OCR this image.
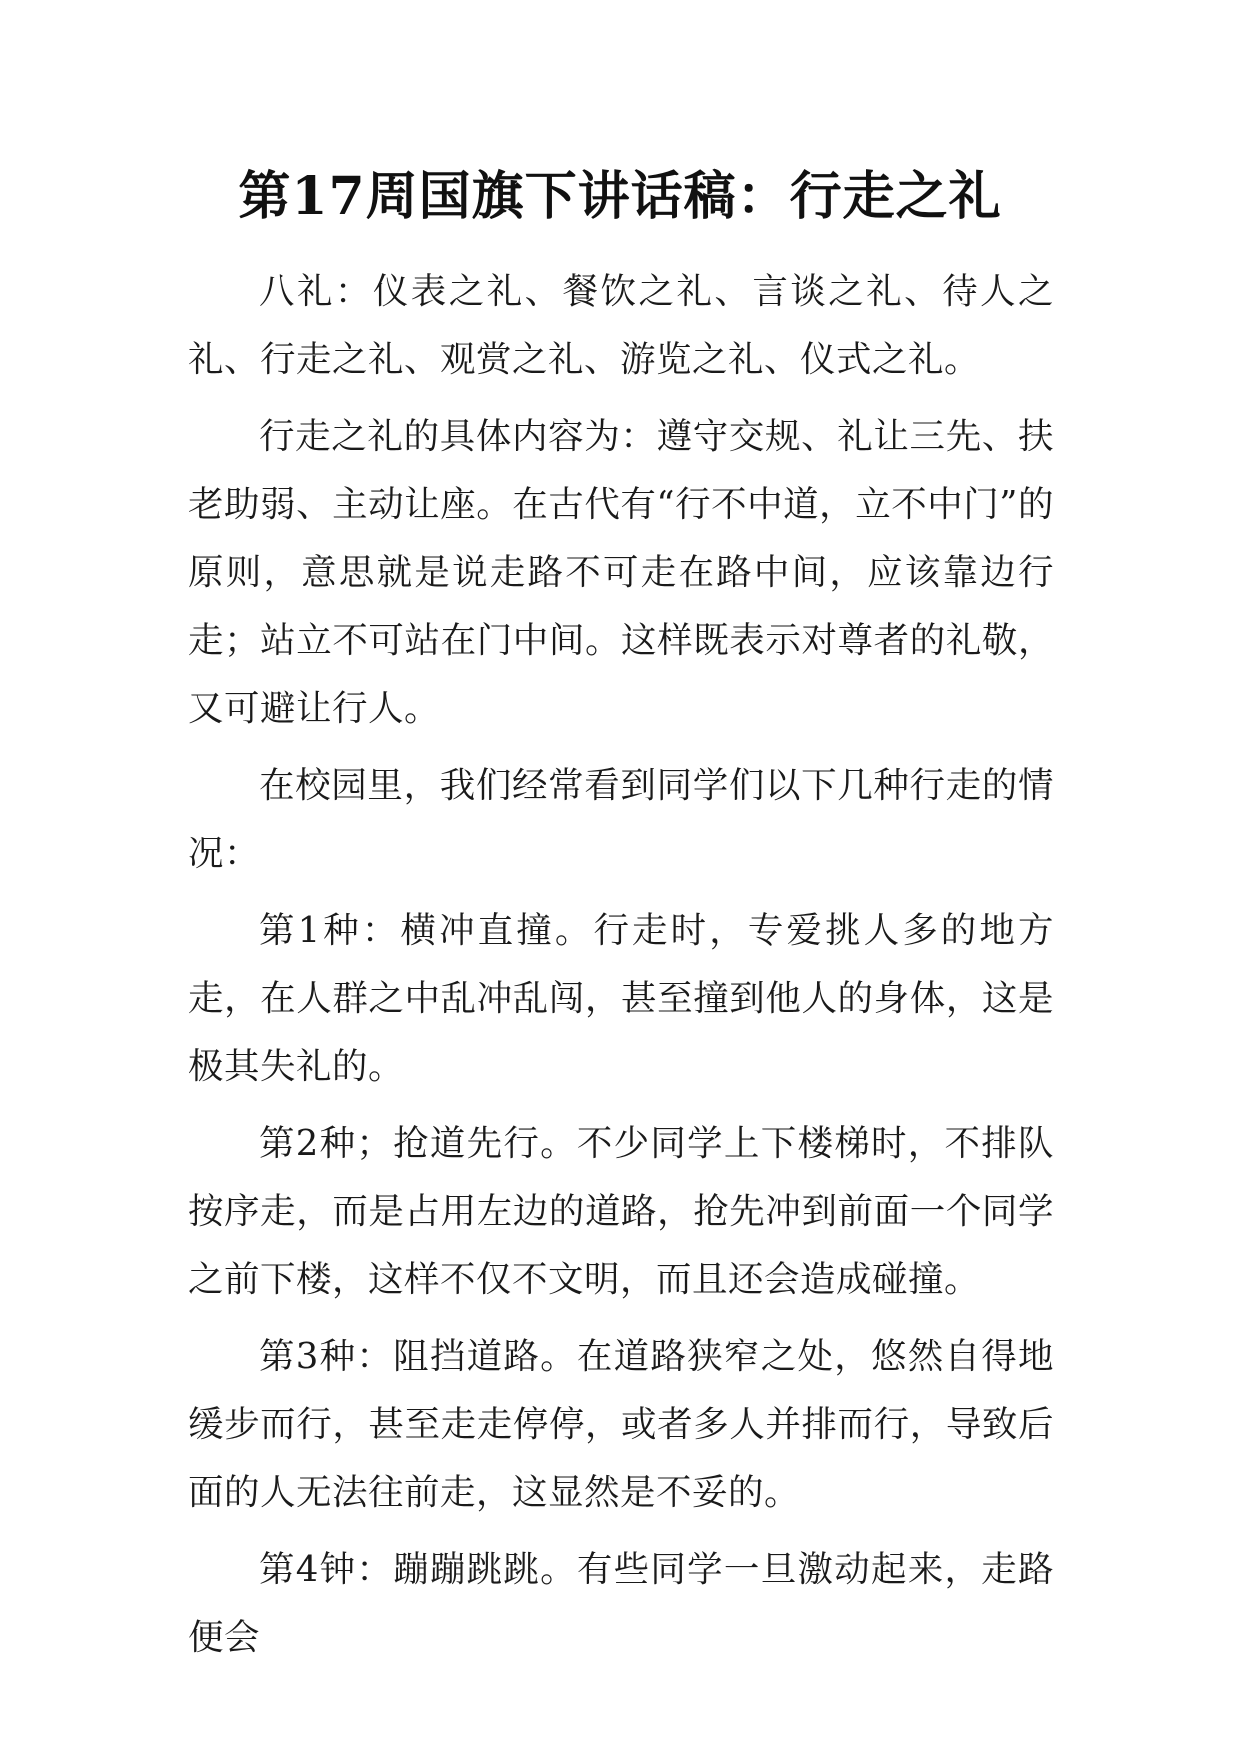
第17周国旗下讲话稿：行走之礼

八礼：仪表之礼、餐饮之礼、言谈之礼、待人之礼、行走之礼、观赏之礼、游览之礼、仪式之礼。

行走之礼的具体内容为：遵守交规、礼让三先、扶老助弱、主动让座。在古代有“行不中道，立不中门”的原则，意思就是说走路不可走在路中间，应该靠边行走；站立不可站在门中间。这样既表示对尊者的礼敬，又可避让行人。

在校园里，我们经常看到同学们以下几种行走的情况：

第1种：横冲直撞。行走时，专爱挑人多的地方走，在人群之中乱冲乱闯，甚至撞到他人的身体，这是极其失礼的。

第2种；抢道先行。不少同学上下楼梯时，不排队按序走，而是占用左边的道路，抢先冲到前面一个同学之前下楼，这样不仅不文明，而且还会造成碰撞。

第3种：阻挡道路。在道路狭窄之处，悠然自得地缓步而行，甚至走走停停，或者多人并排而行，导致后面的人无法往前走，这显然是不妥的。

第4钟：蹦蹦跳跳。有些同学一旦激动起来，走路便会
